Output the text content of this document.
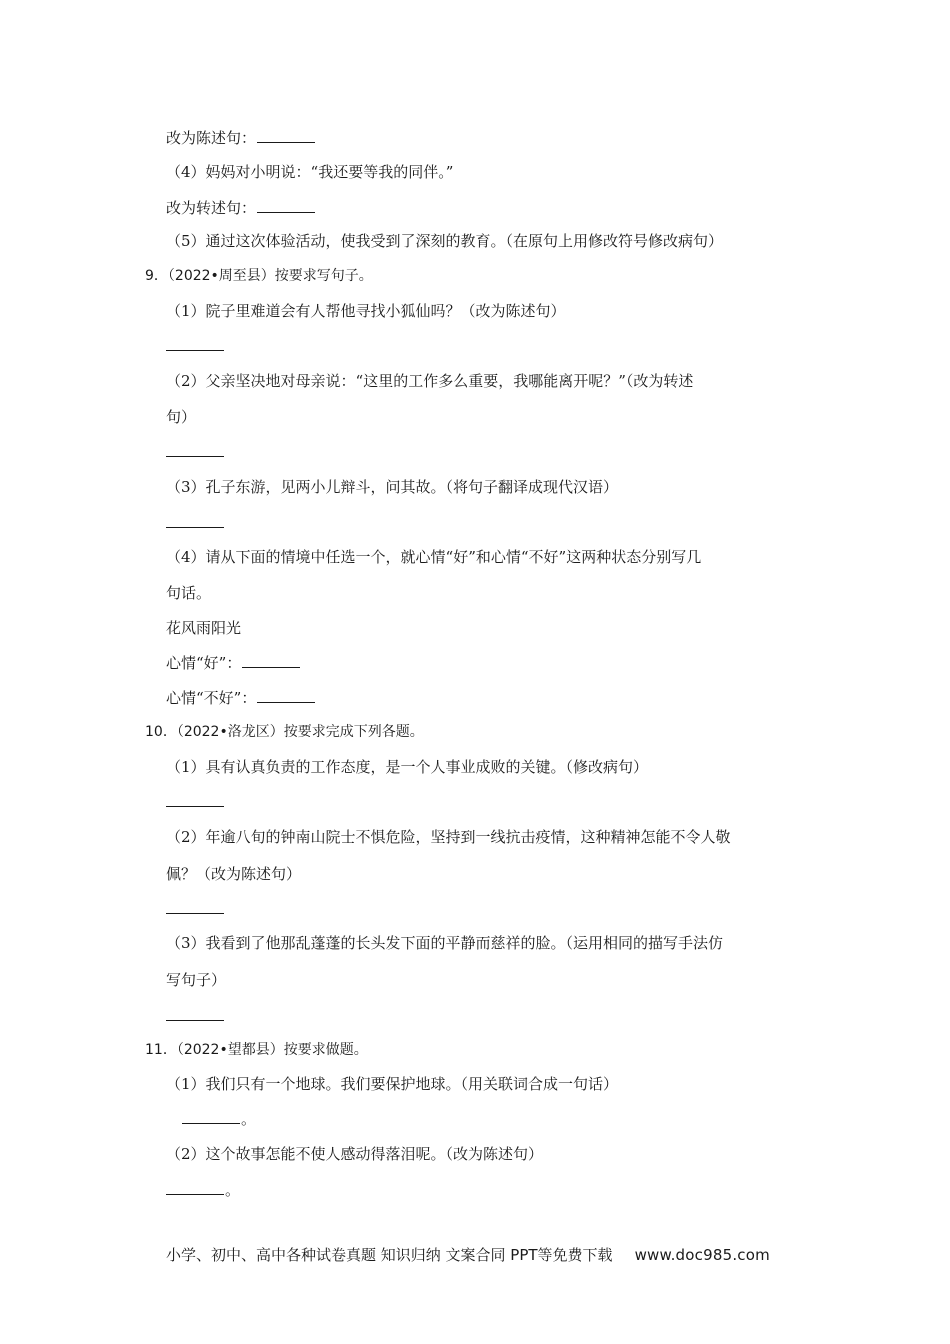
改为陈述句：
（4）妈妈对小明说：“我还要等我的同伴。”
改为转述句：
（5）通过这次体验活动，使我受到了深刻的教育。（在原句上用修改符号修改病句）
9．（2022•周至县）按要求写句子。
（1）院子里难道会有人帮他寻找小狐仙吗？（改为陈述句）
（2）父亲坚决地对母亲说：“这里的工作多么重要，我哪能离开呢？”（改为转述
句）
（3）孔子东游，见两小儿辩斗，问其故。（将句子翻译成现代汉语）
（4）请从下面的情境中任选一个，就心情“好”和心情“不好”这两种状态分别写几
句话。
花风雨阳光
心情“好”：
心情“不好”：
10．（2022•洛龙区）按要求完成下列各题。
（1）具有认真负责的工作态度，是一个人事业成败的关键。（修改病句）
（2）年逾八旬的钟南山院士不惧危险，坚持到一线抗击疫情，这种精神怎能不令人敬
佩？（改为陈述句）
（3）我看到了他那乱蓬蓬的长头发下面的平静而慈祥的脸。（运用相同的描写手法仿
写句子）
11．（2022•望都县）按要求做题。
（1）我们只有一个地球。我们要保护地球。（用关联词合成一句话）
。
（2）这个故事怎能不使人感动得落泪呢。（改为陈述句）
。
小学、初中、高中各种试卷真题 知识归纳 文案合同 PPT等免费下载 www.doc985.com
